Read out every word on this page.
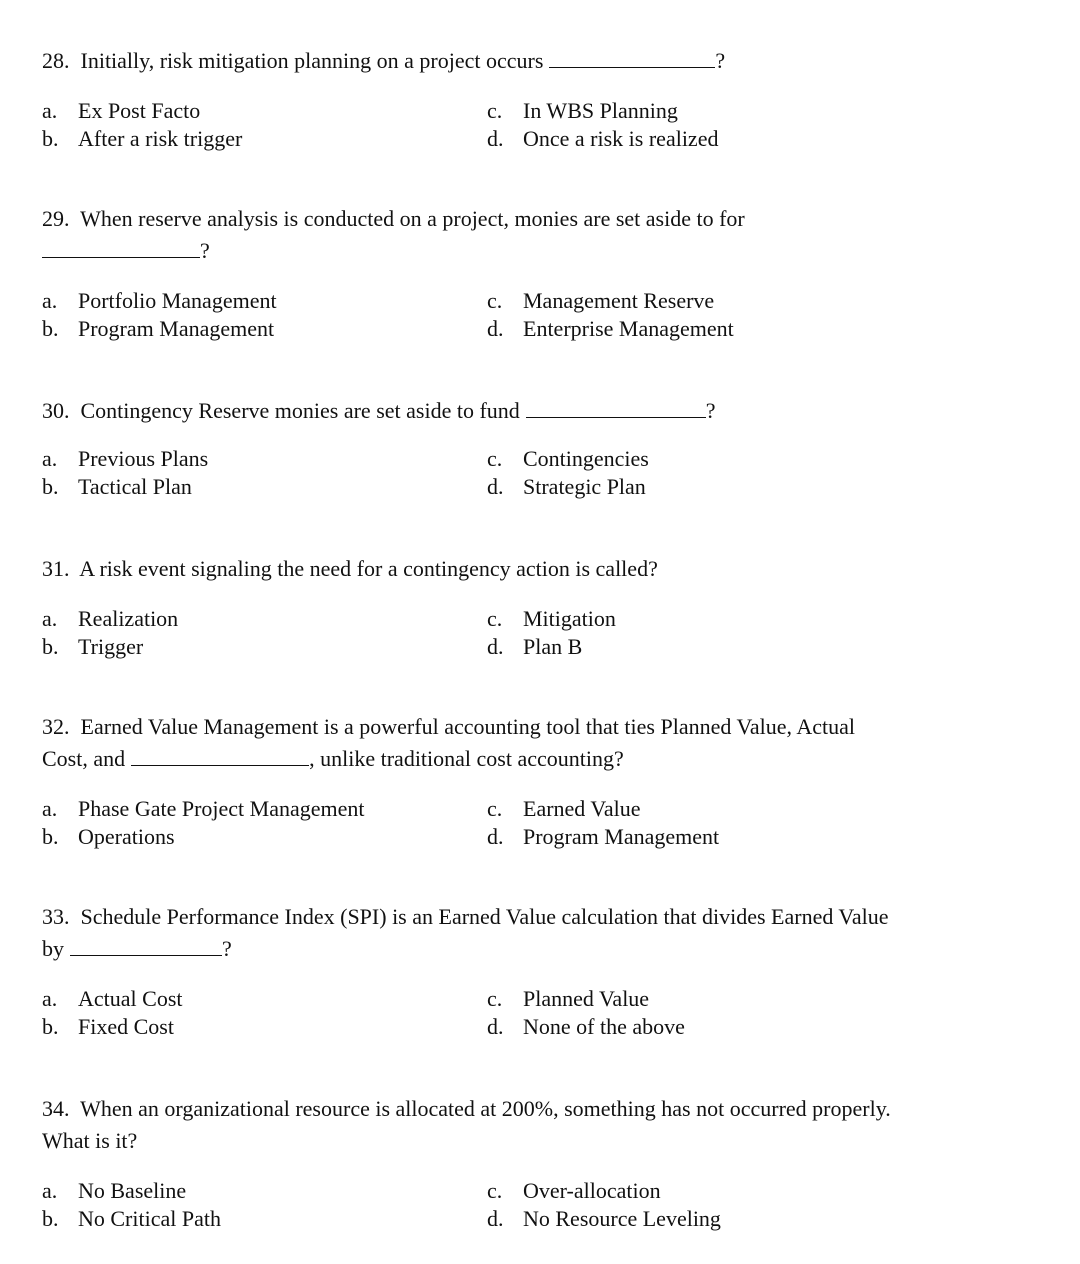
28. Initially, risk mitigation planning on a project occurs	?
a. Ex Post Facto
b. After a risk trigger
c. In WBS Planning
d. Once a risk is realized
29. When reserve analysis is conducted on a project, monies are set aside to for
?
a. Portfolio Management
b. Program Management
c. Management Reserve
d. Enterprise Management
30. Contingency Reserve monies are set aside to fund	?
a. Previous Plans
b. Tactical Plan
c. Contingencies
d. Strategic Plan
31. A risk event signaling the need for a contingency action is called?
a. Realization
b. Trigger
c. Mitigation
d. Plan B
32. Earned Value Management is a powerful accounting tool that ties Planned Value, Actual
Cost, and	, unlike traditional cost accounting?
a. Phase Gate Project Management
b. Operations
c. Earned Value
d. Program Management
33. Schedule Performance Index (SPI) is an Earned Value calculation that divides Earned Value
by	?
a. Actual Cost
b. Fixed Cost
c. Planned Value
d. None of the above
34. When an organizational resource is allocated at 200%, something has not occurred properly.
What is it?
a. No Baseline
b. No Critical Path
c. Over-allocation
d. No Resource Leveling
